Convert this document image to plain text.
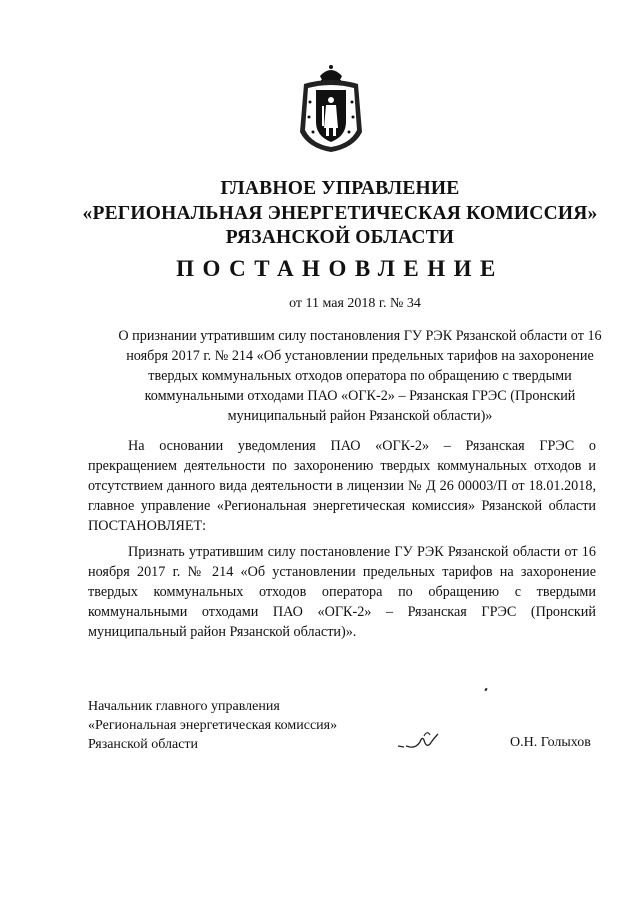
ГЛАВНОЕ УПРАВЛЕНИЕ
«РЕГИОНАЛЬНАЯ ЭНЕРГЕТИЧЕСКАЯ КОМИССИЯ»
РЯЗАНСКОЙ ОБЛАСТИ
ПОСТАНОВЛЕНИЕ
от 11 мая 2018 г. № 34
О признании утратившим силу постановления ГУ РЭК Рязанской области от 16 ноября 2017 г. № 214 «Об установлении предельных тарифов на захоронение твердых коммунальных отходов оператора по обращению с твердыми коммунальными отходами ПАО «ОГК-2» – Рязанская ГРЭС (Пронский муниципальный район Рязанской области)»
На основании уведомления ПАО «ОГК-2» – Рязанская ГРЭС о прекращением деятельности по захоронению твердых коммунальных отходов и отсутствием данного вида деятельности в лицензии № Д 26 00003/П от 18.01.2018, главное управление «Региональная энергетическая комиссия» Рязанской области ПОСТАНОВЛЯЕТ:
Признать утратившим силу постановление ГУ РЭК Рязанской области от 16 ноября 2017 г. № 214 «Об установлении предельных тарифов на захоронение твердых коммунальных отходов оператора по обращению с твердыми коммунальными отходами ПАО «ОГК-2» – Рязанская ГРЭС (Пронский муниципальный район Рязанской области)».
Начальник главного управления
«Региональная энергетическая комиссия»
Рязанской области	О.Н. Голыхов
